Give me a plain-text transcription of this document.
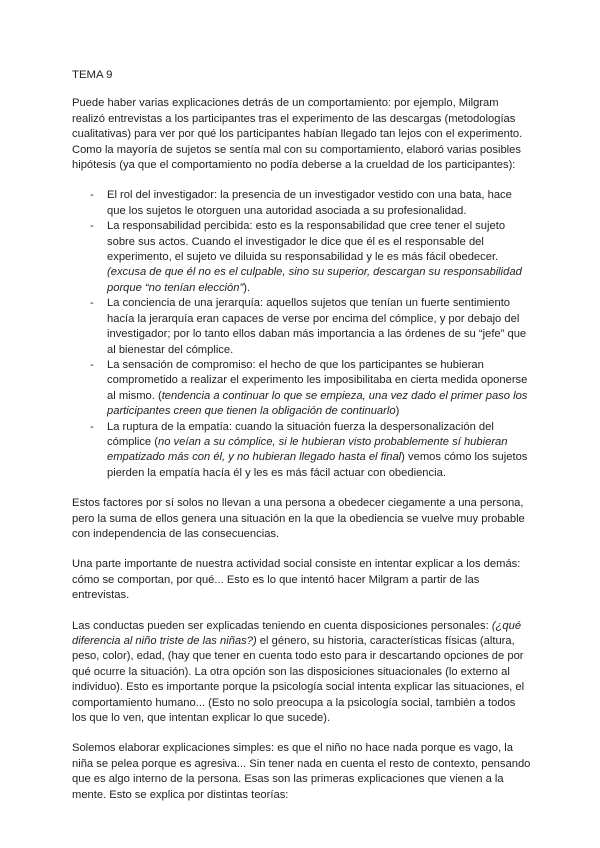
TEMA 9

Puede haber varias explicaciones detrás de un comportamiento: por ejemplo, Milgram realizó entrevistas a los participantes tras el experimento de las descargas (metodologías cualitativas) para ver por qué los participantes habían llegado tan lejos con el experimento. Como la mayoría de sujetos se sentía mal con su comportamiento, elaboró varias posibles hipótesis (ya que el comportamiento no podía deberse a la crueldad de los participantes):

- El rol del investigador: la presencia de un investigador vestido con una bata, hace que los sujetos le otorguen una autoridad asociada a su profesionalidad.
- La responsabilidad percibida: esto es la responsabilidad que cree tener el sujeto sobre sus actos. Cuando el investigador le dice que él es el responsable del experimento, el sujeto ve diluida su responsabilidad y le es más fácil obedecer. (excusa de que él no es el culpable, sino su superior, descargan su responsabilidad porque “no tenían elección”).
- La conciencia de una jerarquía: aquellos sujetos que tenían un fuerte sentimiento hacía la jerarquía eran capaces de verse por encima del cómplice, y por debajo del investigador; por lo tanto ellos daban más importancia a las órdenes de su “jefe” que al bienestar del cómplice.
- La sensación de compromiso: el hecho de que los participantes se hubieran comprometido a realizar el experimento les imposibilitaba en cierta medida oponerse al mismo. (tendencia a continuar lo que se empieza, una vez dado el primer paso los participantes creen que tienen la obligación de continuarlo)
- La ruptura de la empatía: cuando la situación fuerza la despersonalización del cómplice (no veían a su cómplice, si le hubieran visto probablemente sí hubieran empatizado más con él, y no hubieran llegado hasta el final) vemos cómo los sujetos pierden la empatía hacía él y les es más fácil actuar con obediencia.

Estos factores por sí solos no llevan a una persona a obedecer ciegamente a una persona, pero la suma de ellos genera una situación en la que la obediencia se vuelve muy probable con independencia de las consecuencias.

Una parte importante de nuestra actividad social consiste en intentar explicar a los demás: cómo se comportan, por qué... Esto es lo que intentó hacer Milgram a partir de las entrevistas.

Las conductas pueden ser explicadas teniendo en cuenta disposiciones personales: (¿qué diferencia al niño triste de las niñas?) el género, su historia, características físicas (altura, peso, color), edad, (hay que tener en cuenta todo esto para ir descartando opciones de por qué ocurre la situación). La otra opción son las disposiciones situacionales (lo externo al individuo). Esto es importante porque la psicología social intenta explicar las situaciones, el comportamiento humano... (Esto no solo preocupa a la psicología social, también a todos los que lo ven, que intentan explicar lo que sucede).

Solemos elaborar explicaciones simples: es que el niño no hace nada porque es vago, la niña se pelea porque es agresiva... Sin tener nada en cuenta el resto de contexto, pensando que es algo interno de la persona. Esas son las primeras explicaciones que vienen a la mente. Esto se explica por distintas teorías:
